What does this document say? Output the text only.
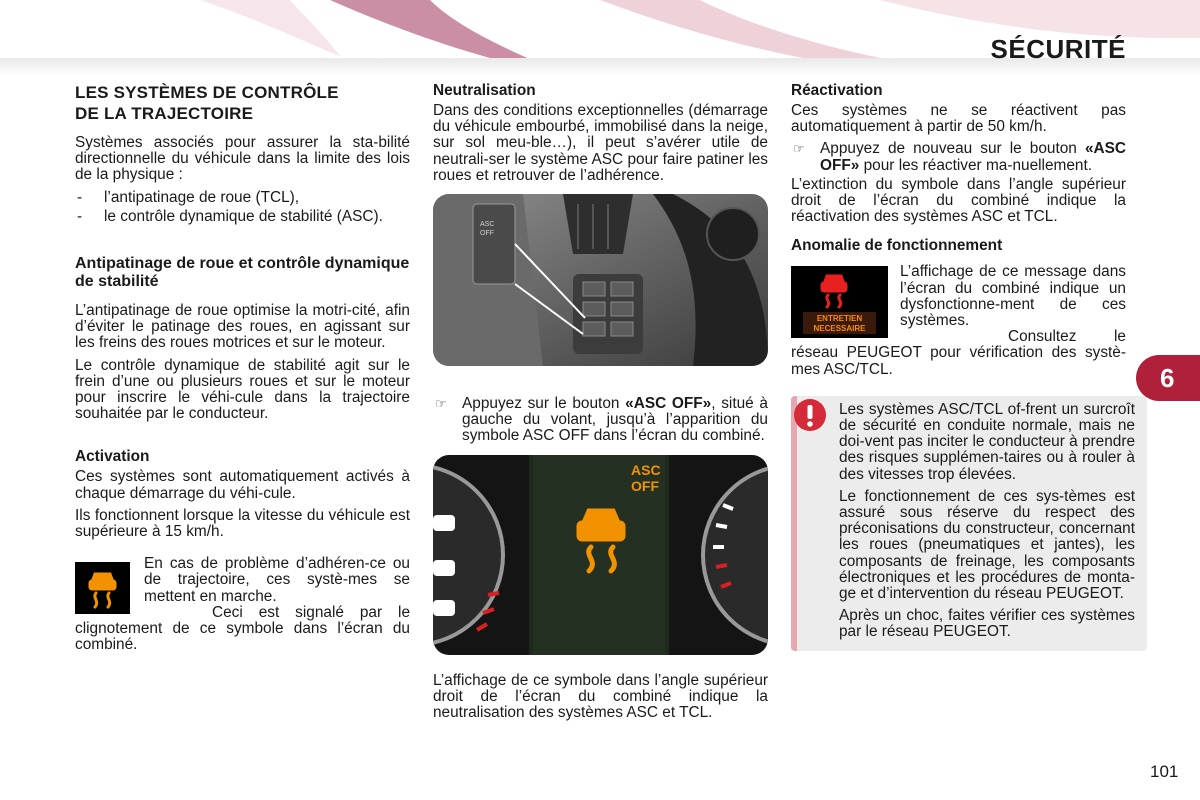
SÉCURITÉ
LES SYSTÈMES DE CONTRÔLE
DE LA TRAJECTOIRE

Systèmes associés pour assurer la sta-bilité directionnelle du véhicule dans la limite des lois de la physique :

- l’antipatinage de roue (TCL),
- le contrôle dynamique de stabilité (ASC).
Antipatinage de roue et contrôle dynamique de stabilité

L’antipatinage de roue optimise la motri-cité, afin d’éviter le patinage des roues, en agissant sur les freins des roues motrices et sur le moteur.

Le contrôle dynamique de stabilité agit sur le frein d’une ou plusieurs roues et sur le moteur pour inscrire le véhi-cule dans la trajectoire souhaitée par le conducteur.

Activation

Ces systèmes sont automatiquement activés à chaque démarrage du véhi-cule.

Ils fonctionnent lorsque la vitesse du véhicule est supérieure à 15 km/h.

En cas de problème d’adhéren-ce ou de trajectoire, ces systè-mes se mettent en marche.

Ceci est signalé par le clignotement de ce symbole dans l’écran du combiné.

Neutralisation

Dans des conditions exceptionnelles (démarrage du véhicule embourbé, immobilisé dans la neige, sur sol meu-ble…), il peut s’avérer utile de neutrali-ser le système ASC pour faire patiner les roues et retrouver de l’adhérence.

ASC
OFF
☞ Appuyez sur le bouton «ASC OFF», situé à gauche du volant, jusqu’à l’apparition du symbole ASC OFF dans l’écran du combiné.
ASC
OFF

L’affichage de ce symbole dans l’angle supérieur droit de l’écran du combiné indique la neutralisation des systèmes ASC et TCL.

Réactivation

Ces systèmes ne se réactivent pas automatiquement à partir de 50 km/h.

☞ Appuyez de nouveau sur le bouton «ASC OFF» pour les réactiver ma-nuellement.

L’extinction du symbole dans l’angle supérieur droit de l’écran du combiné indique la réactivation des systèmes ASC et TCL.

Anomalie de fonctionnement
ENTRETIEN
NECESSAIRE

L’affichage de ce message dans l’écran du combiné indique un dysfonctionne-ment de ces systèmes.

Consultez le réseau PEUGEOT pour vérification des systè-mes ASC/TCL.

Les systèmes ASC/TCL of-frent un surcroît de sécurité en conduite normale, mais ne doi-vent pas inciter le conducteur à prendre des risques supplémen-taires ou à rouler à des vitesses trop élevées.

Le fonctionnement de ces sys-tèmes est assuré sous réserve du respect des préconisations du constructeur, concernant les roues (pneumatiques et jantes), les composants de freinage, les composants électroniques et les procédures de monta-ge et d’intervention du réseau PEUGEOT.

Après un choc, faites vérifier ces systèmes par le réseau PEUGEOT.

6
101
